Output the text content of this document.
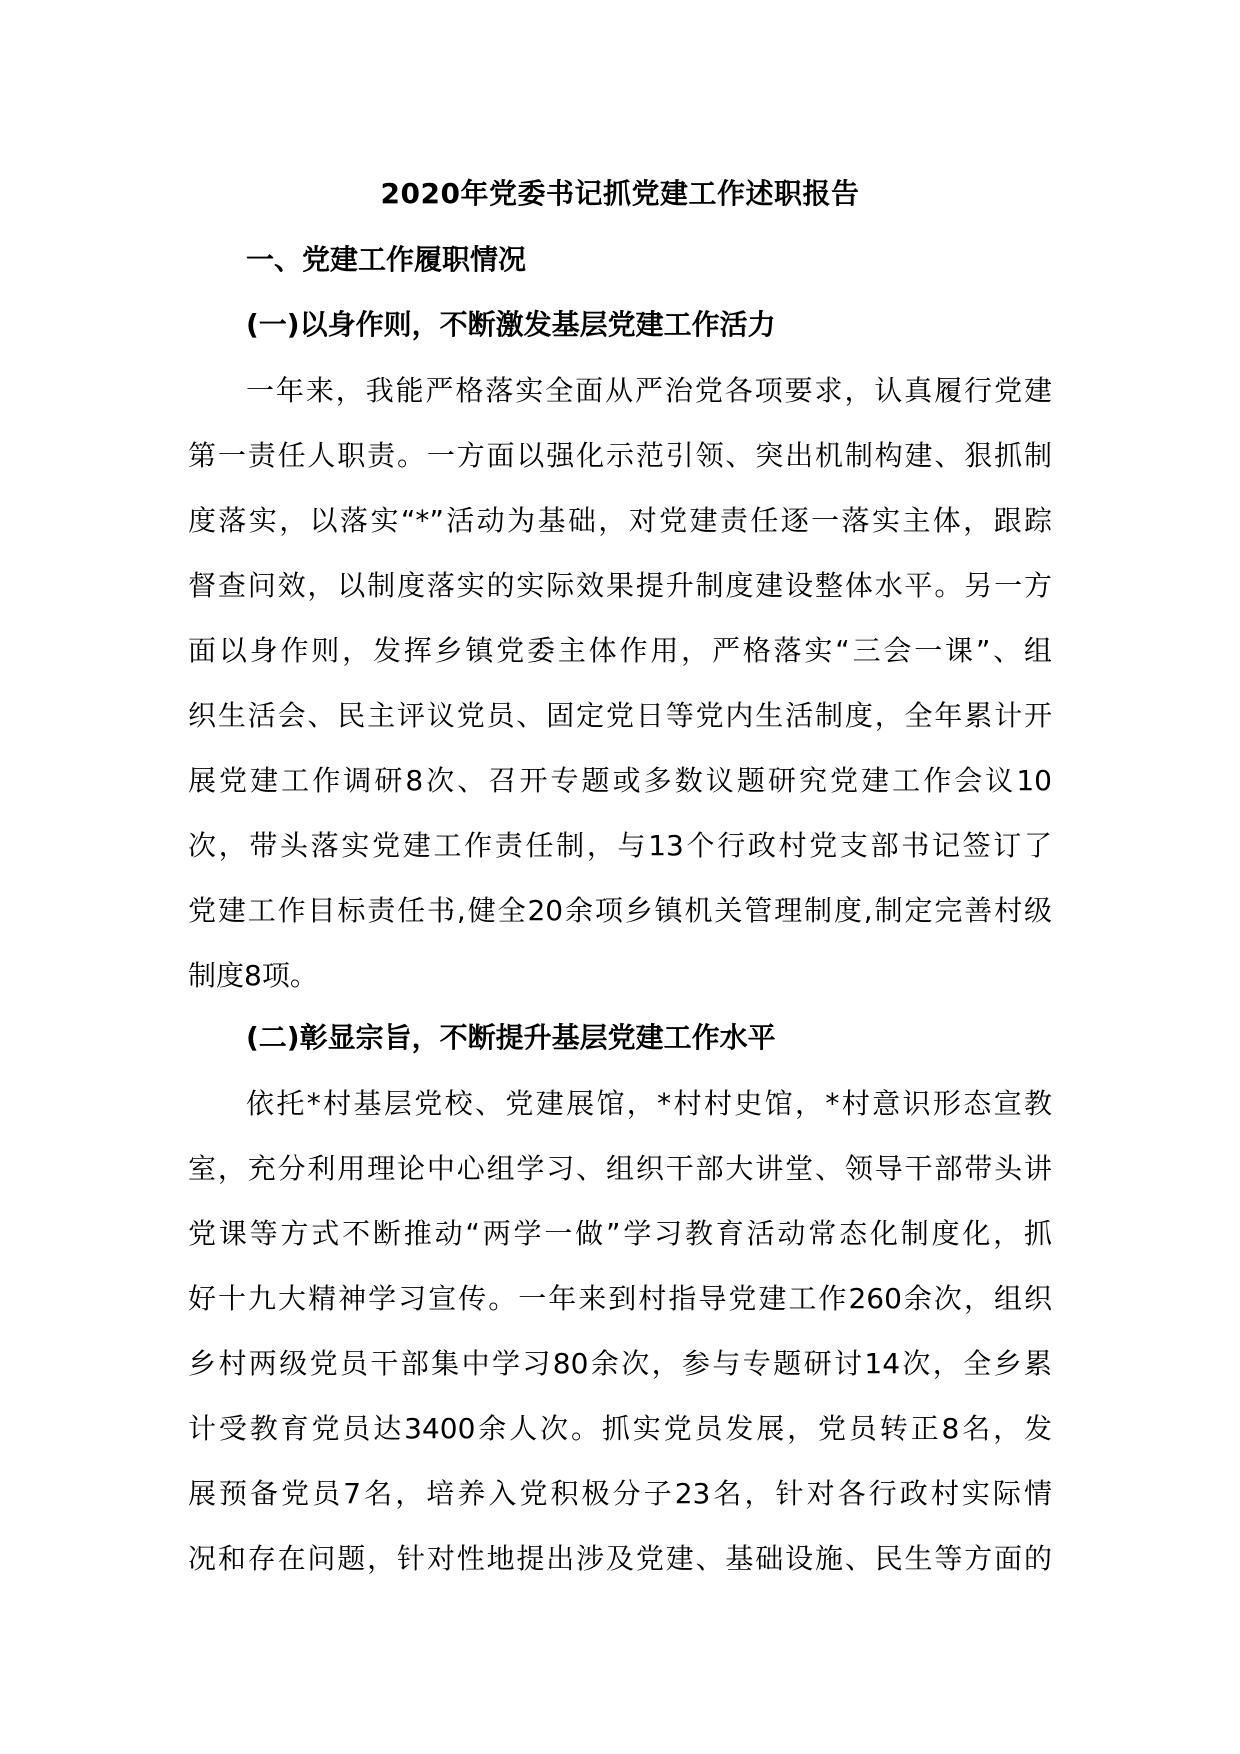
2020年党委书记抓党建工作述职报告
一、党建工作履职情况
(一)以身作则，不断激发基层党建工作活力
一年来，我能严格落实全面从严治党各项要求，认真履行党建
第一责任人职责。一方面以强化示范引领、突出机制构建、狠抓制
度落实，以落实“*”活动为基础，对党建责任逐一落实主体，跟踪
督查问效，以制度落实的实际效果提升制度建设整体水平。另一方
面以身作则，发挥乡镇党委主体作用，严格落实“三会一课”、组
织生活会、民主评议党员、固定党日等党内生活制度，全年累计开
展党建工作调研8次、召开专题或多数议题研究党建工作会议10
次，带头落实党建工作责任制，与13个行政村党支部书记签订了
党建工作目标责任书,健全20余项乡镇机关管理制度,制定完善村级
制度8项。
(二)彰显宗旨，不断提升基层党建工作水平
依托*村基层党校、党建展馆，*村村史馆，*村意识形态宣教
室，充分利用理论中心组学习、组织干部大讲堂、领导干部带头讲
党课等方式不断推动“两学一做”学习教育活动常态化制度化，抓
好十九大精神学习宣传。一年来到村指导党建工作260余次，组织
乡村两级党员干部集中学习80余次，参与专题研讨14次，全乡累
计受教育党员达3400余人次。抓实党员发展，党员转正8名，发
展预备党员7名，培养入党积极分子23名，针对各行政村实际情
况和存在问题，针对性地提出涉及党建、基础设施、民生等方面的
